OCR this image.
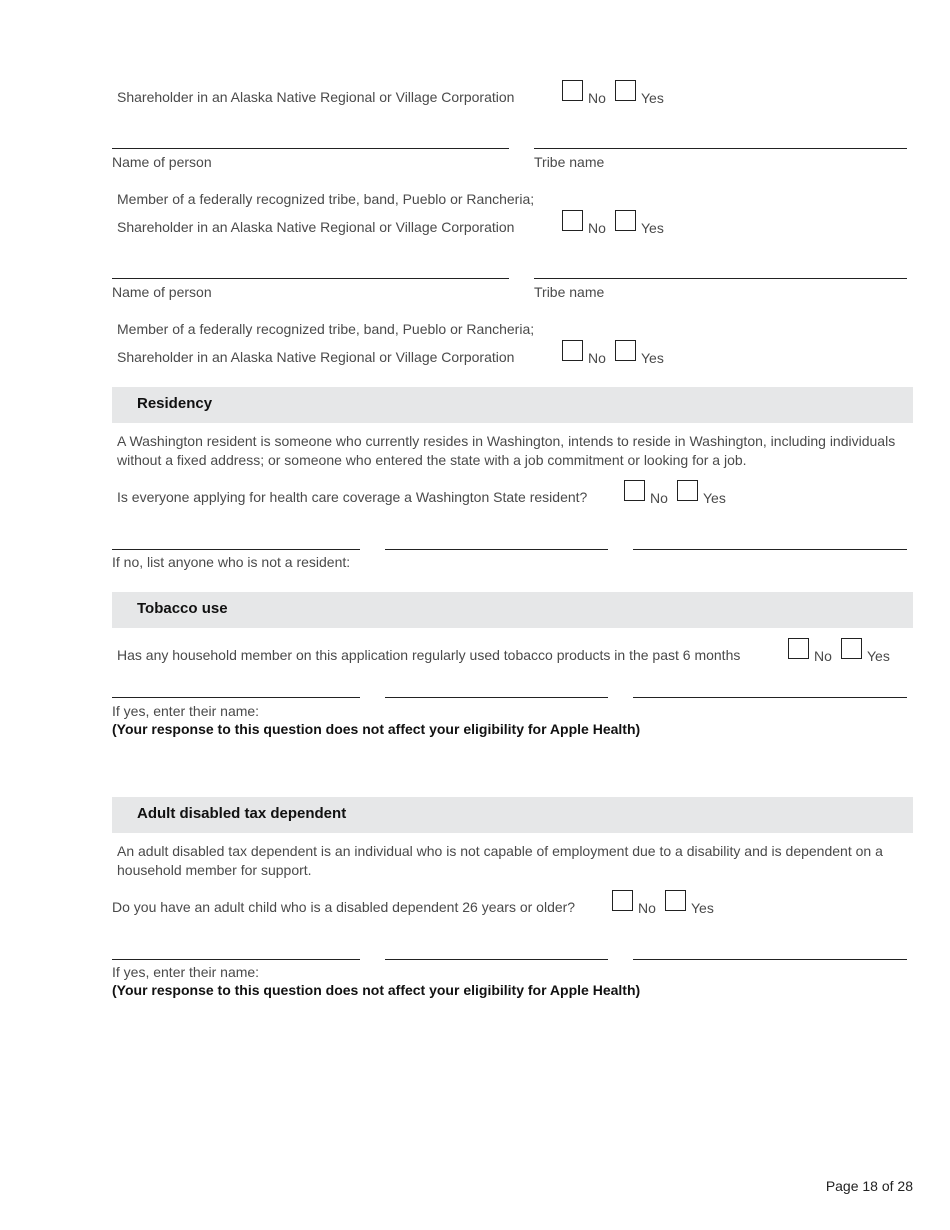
Shareholder in an Alaska Native Regional or Village Corporation	No	Yes
Name of person	Tribe name
Member of a federally recognized tribe, band, Pueblo or Rancheria;
Shareholder in an Alaska Native Regional or Village Corporation	No	Yes
Name of person	Tribe name
Member of a federally recognized tribe, band, Pueblo or Rancheria;
Shareholder in an Alaska Native Regional or Village Corporation	No	Yes
Residency
A Washington resident is someone who currently resides in Washington, intends to reside in Washington, including individuals without a fixed address; or someone who entered the state with a job commitment or looking for a job.
Is everyone applying for health care coverage a Washington State resident?	No	Yes
If no, list anyone who is not a resident:
Tobacco use
Has any household member on this application regularly used tobacco products in the past 6 months	No	Yes
If yes, enter their name:
(Your response to this question does not affect your eligibility for Apple Health)
Adult disabled tax dependent
An adult disabled tax dependent is an individual who is not capable of employment due to a disability and is dependent on a household member for support.
Do you have an adult child who is a disabled dependent 26 years or older?	No	Yes
If yes, enter their name:
(Your response to this question does not affect your eligibility for Apple Health)
Page 18 of 28
